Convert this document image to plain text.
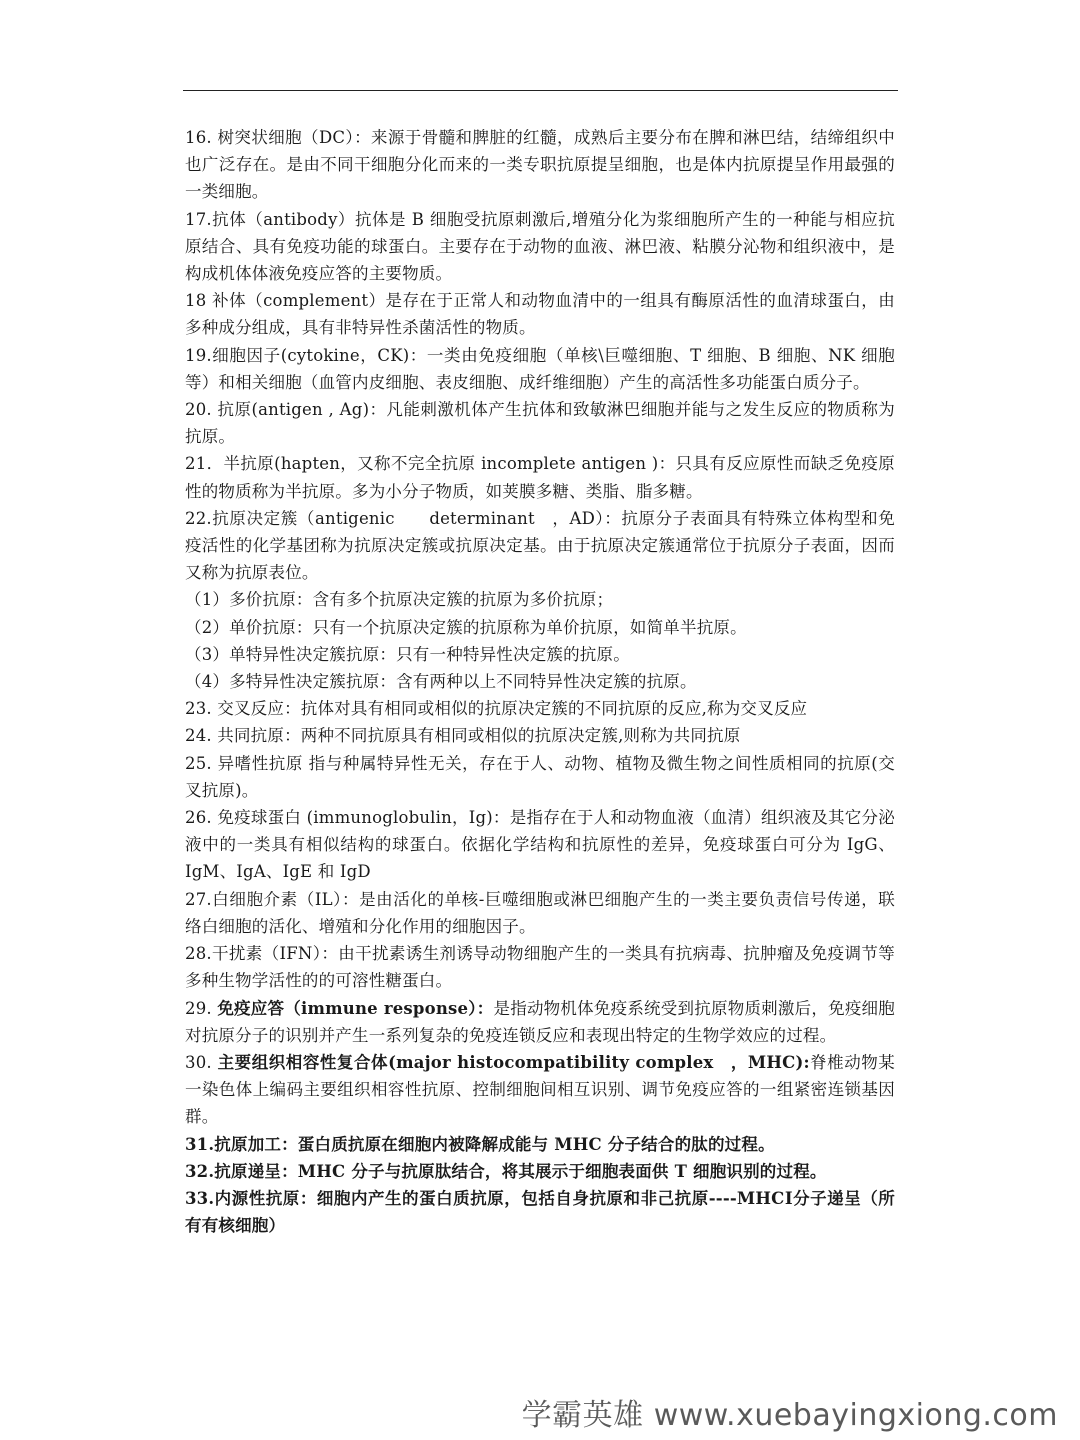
16. 树突状细胞（DC）：来源于骨髓和脾脏的红髓，成熟后主要分布在脾和淋巴结，结缔组织中也广泛存在。是由不同干细胞分化而来的一类专职抗原提呈细胞，也是体内抗原提呈作用最强的一类细胞。

17.抗体（antibody）抗体是 B 细胞受抗原刺激后,增殖分化为浆细胞所产生的一种能与相应抗原结合、具有免疫功能的球蛋白。主要存在于动物的血液、淋巴液、粘膜分沁物和组织液中，是构成机体体液免疫应答的主要物质。

18 补体（complement）是存在于正常人和动物血清中的一组具有酶原活性的血清球蛋白，由多种成分组成，具有非特异性杀菌活性的物质。

19.细胞因子(cytokine，CK)：一类由免疫细胞（单核\巨噬细胞、T 细胞、B 细胞、NK 细胞等）和相关细胞（血管内皮细胞、表皮细胞、成纤维细胞）产生的高活性多功能蛋白质分子。

20. 抗原(antigen , Ag)：凡能刺激机体产生抗体和致敏淋巴细胞并能与之发生反应的物质称为抗原。

21．半抗原(hapten，又称不完全抗原 incomplete antigen )：只具有反应原性而缺乏免疫原性的物质称为半抗原。多为小分子物质，如荚膜多糖、类脂、脂多糖。

22.抗原决定簇（antigenic　　determinant　，AD）：抗原分子表面具有特殊立体构型和免疫活性的化学基团称为抗原决定簇或抗原决定基。由于抗原决定簇通常位于抗原分子表面，因而又称为抗原表位。

（1）多价抗原：含有多个抗原决定簇的抗原为多价抗原；

（2）单价抗原：只有一个抗原决定簇的抗原称为单价抗原，如简单半抗原。

（3）单特异性决定簇抗原：只有一种特异性决定簇的抗原。

（4）多特异性决定簇抗原：含有两种以上不同特异性决定簇的抗原。

23. 交叉反应：抗体对具有相同或相似的抗原决定簇的不同抗原的反应,称为交叉反应

24. 共同抗原：两种不同抗原具有相同或相似的抗原决定簇,则称为共同抗原

25. 异嗜性抗原 指与种属特异性无关，存在于人、动物、植物及微生物之间性质相同的抗原(交叉抗原)。

26. 免疫球蛋白 (immunoglobulin，Ig)：是指存在于人和动物血液（血清）组织液及其它分泌液中的一类具有相似结构的球蛋白。依据化学结构和抗原性的差异，免疫球蛋白可分为 IgG、IgM、IgA、IgE 和 IgD

27.白细胞介素（IL）：是由活化的单核-巨噬细胞或淋巴细胞产生的一类主要负责信号传递，联络白细胞的活化、增殖和分化作用的细胞因子。

28.干扰素（IFN）：由干扰素诱生剂诱导动物细胞产生的一类具有抗病毒、抗肿瘤及免疫调节等多种生物学活性的的可溶性糖蛋白。

29. 免疫应答（immune response）：是指动物机体免疫系统受到抗原物质刺激后，免疫细胞对抗原分子的识别并产生一系列复杂的免疫连锁反应和表现出特定的生物学效应的过程。

30. 主要组织相容性复合体(major histocompatibility complex　，MHC):脊椎动物某一染色体上编码主要组织相容性抗原、控制细胞间相互识别、调节免疫应答的一组紧密连锁基因群。

31.抗原加工：蛋白质抗原在细胞内被降解成能与 MHC 分子结合的肽的过程。

32.抗原递呈：MHC 分子与抗原肽结合，将其展示于细胞表面供 T 细胞识别的过程。

33.内源性抗原：细胞内产生的蛋白质抗原，包括自身抗原和非己抗原----MHCⅠ分子递呈（所有有核细胞）

学霸英雄 www.xuebayingxiong.com
